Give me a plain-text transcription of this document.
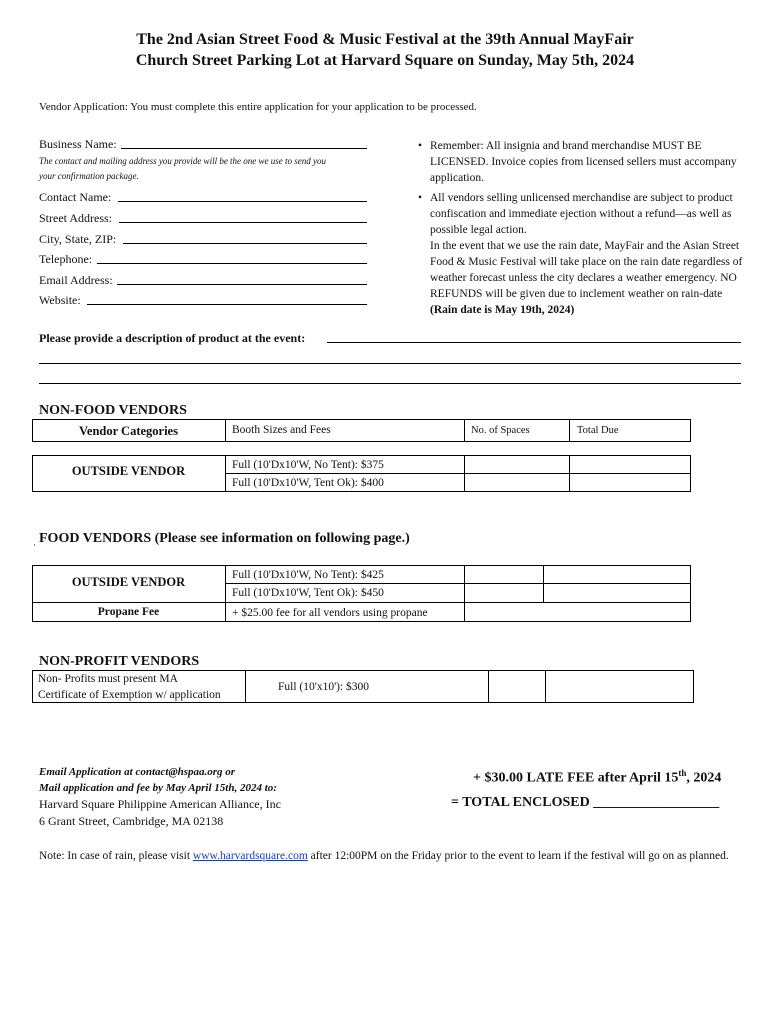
The 2nd Asian Street Food & Music Festival at the 39th Annual MayFair
Church Street Parking Lot at Harvard Square on Sunday, May 5th, 2024
Vendor Application: You must complete this entire application for your application to be processed.
Business Name:
The contact and mailing address you provide will be the one we use to send you
your confirmation package.
Contact Name:
Street Address:
City, State, ZIP:
Telephone:
Email Address:
Website:
• Remember: All insignia and brand merchandise MUST BE LICENSED. Invoice copies from licensed sellers must accompany application.
• All vendors selling unlicensed merchandise are subject to product confiscation and immediate ejection without a refund—as well as possible legal action.
In the event that we use the rain date, MayFair and the Asian Street Food & Music Festival will take place on the rain date regardless of weather forecast unless the city declares a weather emergency. NO REFUNDS will be given due to inclement weather on rain-date (Rain date is May 19th, 2024)
Please provide a description of product at the event:
NON-FOOD VENDORS
Vendor Categories	Booth Sizes and Fees	No. of Spaces	Total Due
OUTSIDE VENDOR	Full (10'Dx10'W, No Tent): $375
Full (10'Dx10'W, Tent Ok): $400
· FOOD VENDORS (Please see information on following page.)
OUTSIDE VENDOR	Full (10'Dx10'W, No Tent): $425
Full (10'Dx10'W, Tent Ok): $450
Propane Fee	+ $25.00 fee for all vendors using propane
NON-PROFIT VENDORS
Non- Profits must present MA
Certificate of Exemption w/ application
Full (10'x10'): $300
Email Application at contact@hspaa.org or
Mail application and fee by May April 15th, 2024 to:
Harvard Square Philippine American Alliance, Inc
6 Grant Street, Cambridge, MA 02138
+ $30.00 LATE FEE after April 15th, 2024
= TOTAL ENCLOSED __________________
Note: In case of rain, please visit www.harvardsquare.com after 12:00PM on the Friday prior to the event to learn if the festival will go on as planned.
